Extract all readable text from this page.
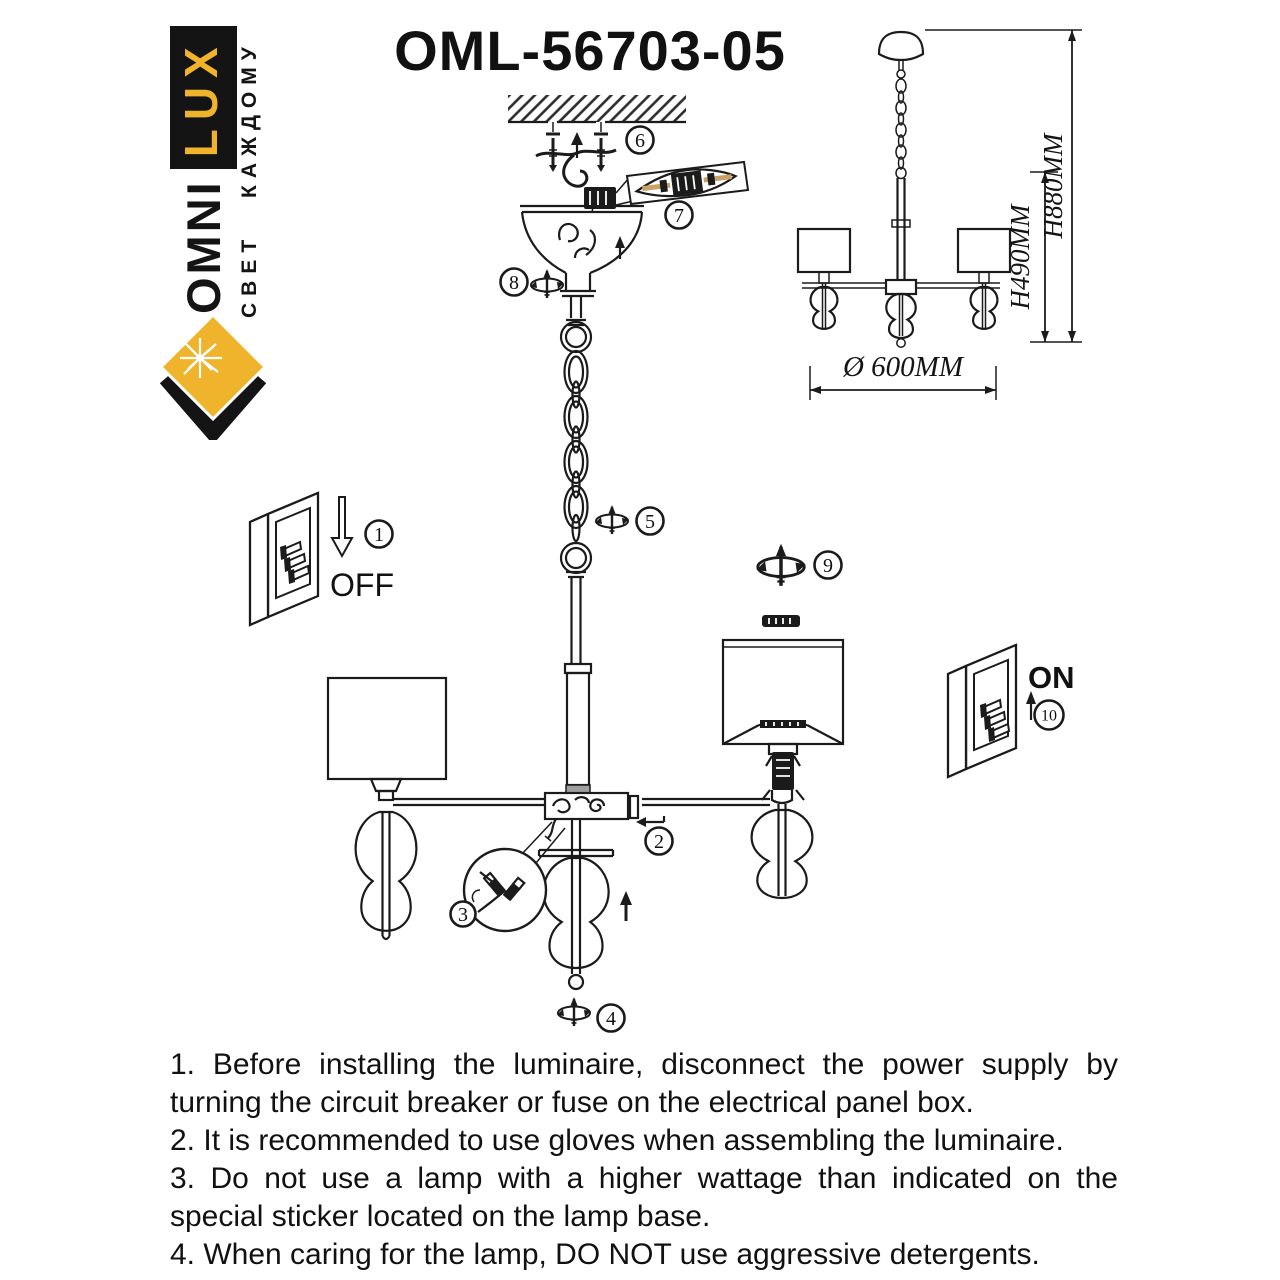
OMNI
LUX СВЕТ КАЖДОМУ	OML-56703-05
6
7
8
5
2
9
4
3
OFF
1
ON
10
H490MM
H880MM
Ø 600MM
1. Before installing the luminaire, disconnect the power supply by
turning the circuit breaker or fuse on the electrical panel box.
2. It is recommended to use gloves when assembling the luminaire.
3. Do not use a lamp with a higher wattage than indicated on the
special sticker located on the lamp base.
4. When caring for the lamp, DO NOT use aggressive detergents.
